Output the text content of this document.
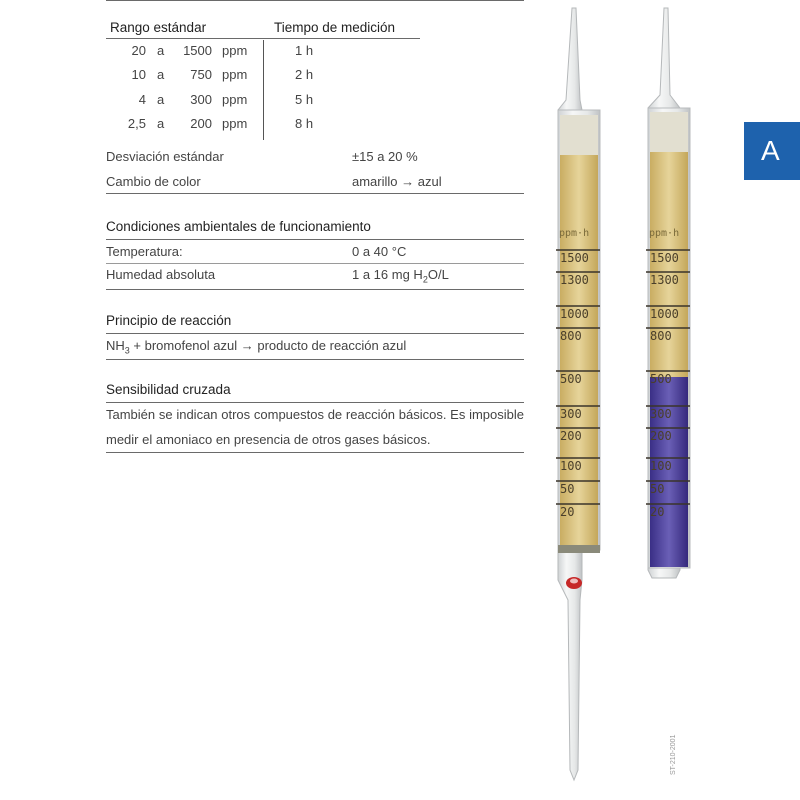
Rango estándar	Tiempo de medición
20 a	1500 ppm	1 h
10 a	750 ppm	2 h
4 a	300 ppm	5 h
2,5 a	200 ppm	8 h
Desviación estándar	±15 a 20 %
Cambio de color	amarillo → azul
Condiciones ambientales de funcionamiento
Temperatura:	0 a 40 °C
Humedad absoluta	1 a 16 mg $H_2O/L$
Principio de reacción
$NH_3$ + bromofenol azul → producto de reacción azul
Sensibilidad cruzada
También se indican otros compuestos de reacción básicos. Es imposible medir el amoniaco en presencia de otros gases básicos.
A
ST-210-2001
ppm·h
1500
1300
1000
800
500
300
200
100
50
20
ppm·h
1500
1300
1000
800
500
300
200
100
50
20
